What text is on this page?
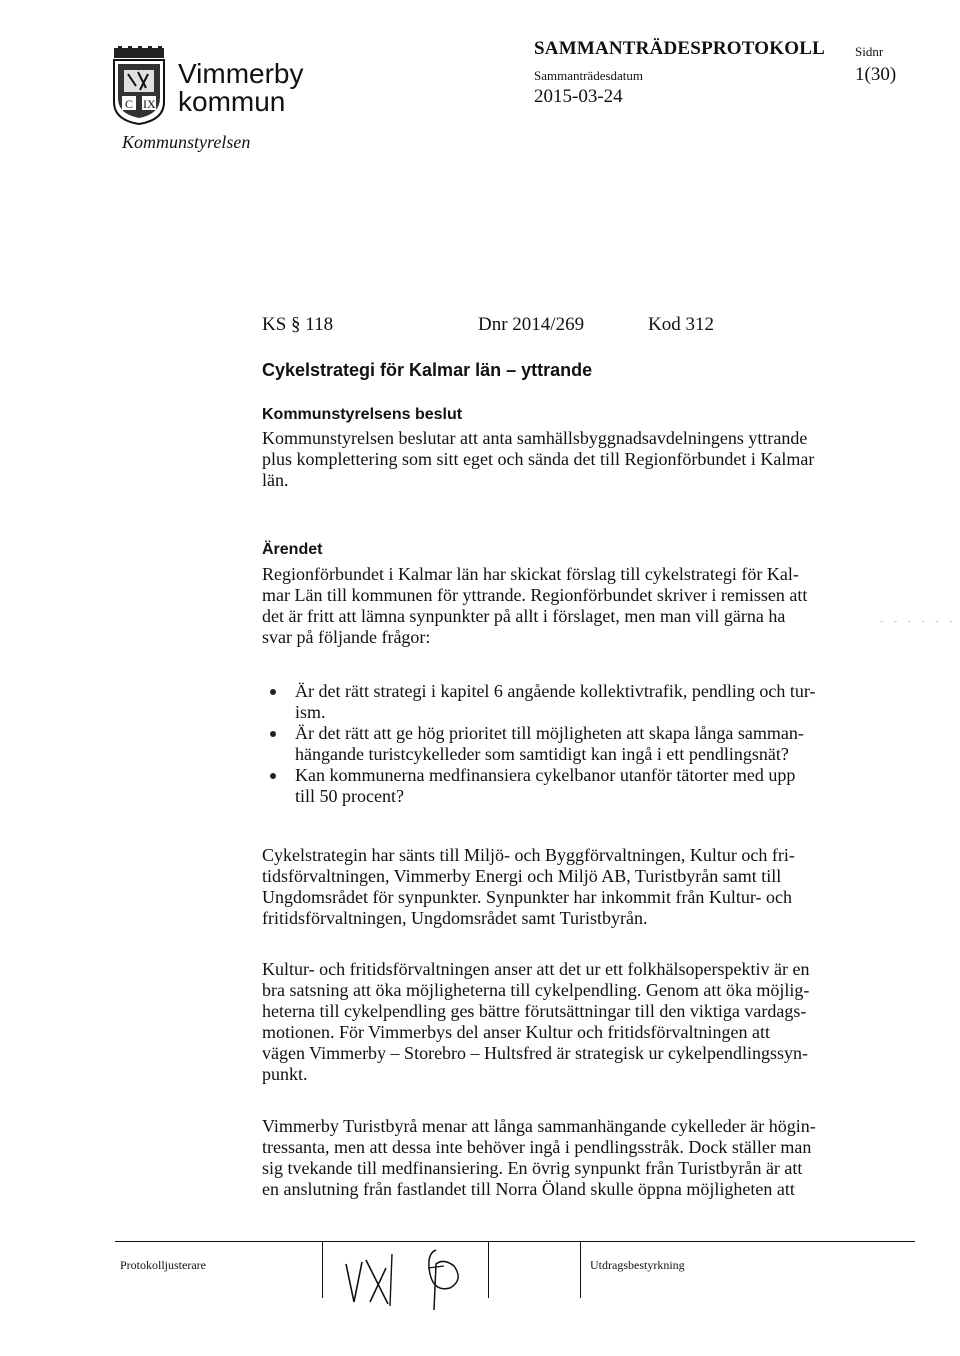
C IX
Vimmerby
kommun
Kommunstyrelsen
SAMMANTRÄDESPROTOKOLL
Sammanträdesdatum
2015-03-24
Sidnr
1(30)
KS § 118	Dnr 2014/269	Kod 312
Cykelstrategi för Kalmar län – yttrande
Kommunstyrelsens beslut
Kommunstyrelsen beslutar att anta samhällsbyggnadsavdelningens yttrande
plus komplettering som sitt eget och sända det till Regionförbundet i Kalmar
län.
Ärendet
Regionförbundet i Kalmar län har skickat förslag till cykelstrategi för Kal-
mar Län till kommunen för yttrande. Regionförbundet skriver i remissen att
det är fritt att lämna synpunkter på allt i förslaget, men man vill gärna ha
svar på följande frågor:
- - - - - -
Är det rätt strategi i kapitel 6 angående kollektivtrafik, pendling och tur-
ism.
Är det rätt att ge hög prioritet till möjligheten att skapa långa samman-
hängande turistcykelleder som samtidigt kan ingå i ett pendlingsnät?
Kan kommunerna medfinansiera cykelbanor utanför tätorter med upp
till 50 procent?
Cykelstrategin har sänts till Miljö- och Byggförvaltningen, Kultur och fri-
tidsförvaltningen, Vimmerby Energi och Miljö AB, Turistbyrån samt till
Ungdomsrådet för synpunkter. Synpunkter har inkommit från Kultur- och
fritidsförvaltningen, Ungdomsrådet samt Turistbyrån.
Kultur- och fritidsförvaltningen anser att det ur ett folkhälsoperspektiv är en
bra satsning att öka möjligheterna till cykelpendling. Genom att öka möjlig-
heterna till cykelpendling ges bättre förutsättningar till den viktiga vardags-
motionen. För Vimmerbys del anser Kultur och fritidsförvaltningen att
vägen Vimmerby – Storebro – Hultsfred är strategisk ur cykelpendlingssyn-
punkt.
Vimmerby Turistbyrå menar att långa sammanhängande cykelleder är högin-
tressanta, men att dessa inte behöver ingå i pendlingsstråk. Dock ställer man
sig tvekande till medfinansiering. En övrig synpunkt från Turistbyrån är att
en anslutning från fastlandet till Norra Öland skulle öppna möjligheten att
Protokolljusterare	Utdragsbestyrkning
